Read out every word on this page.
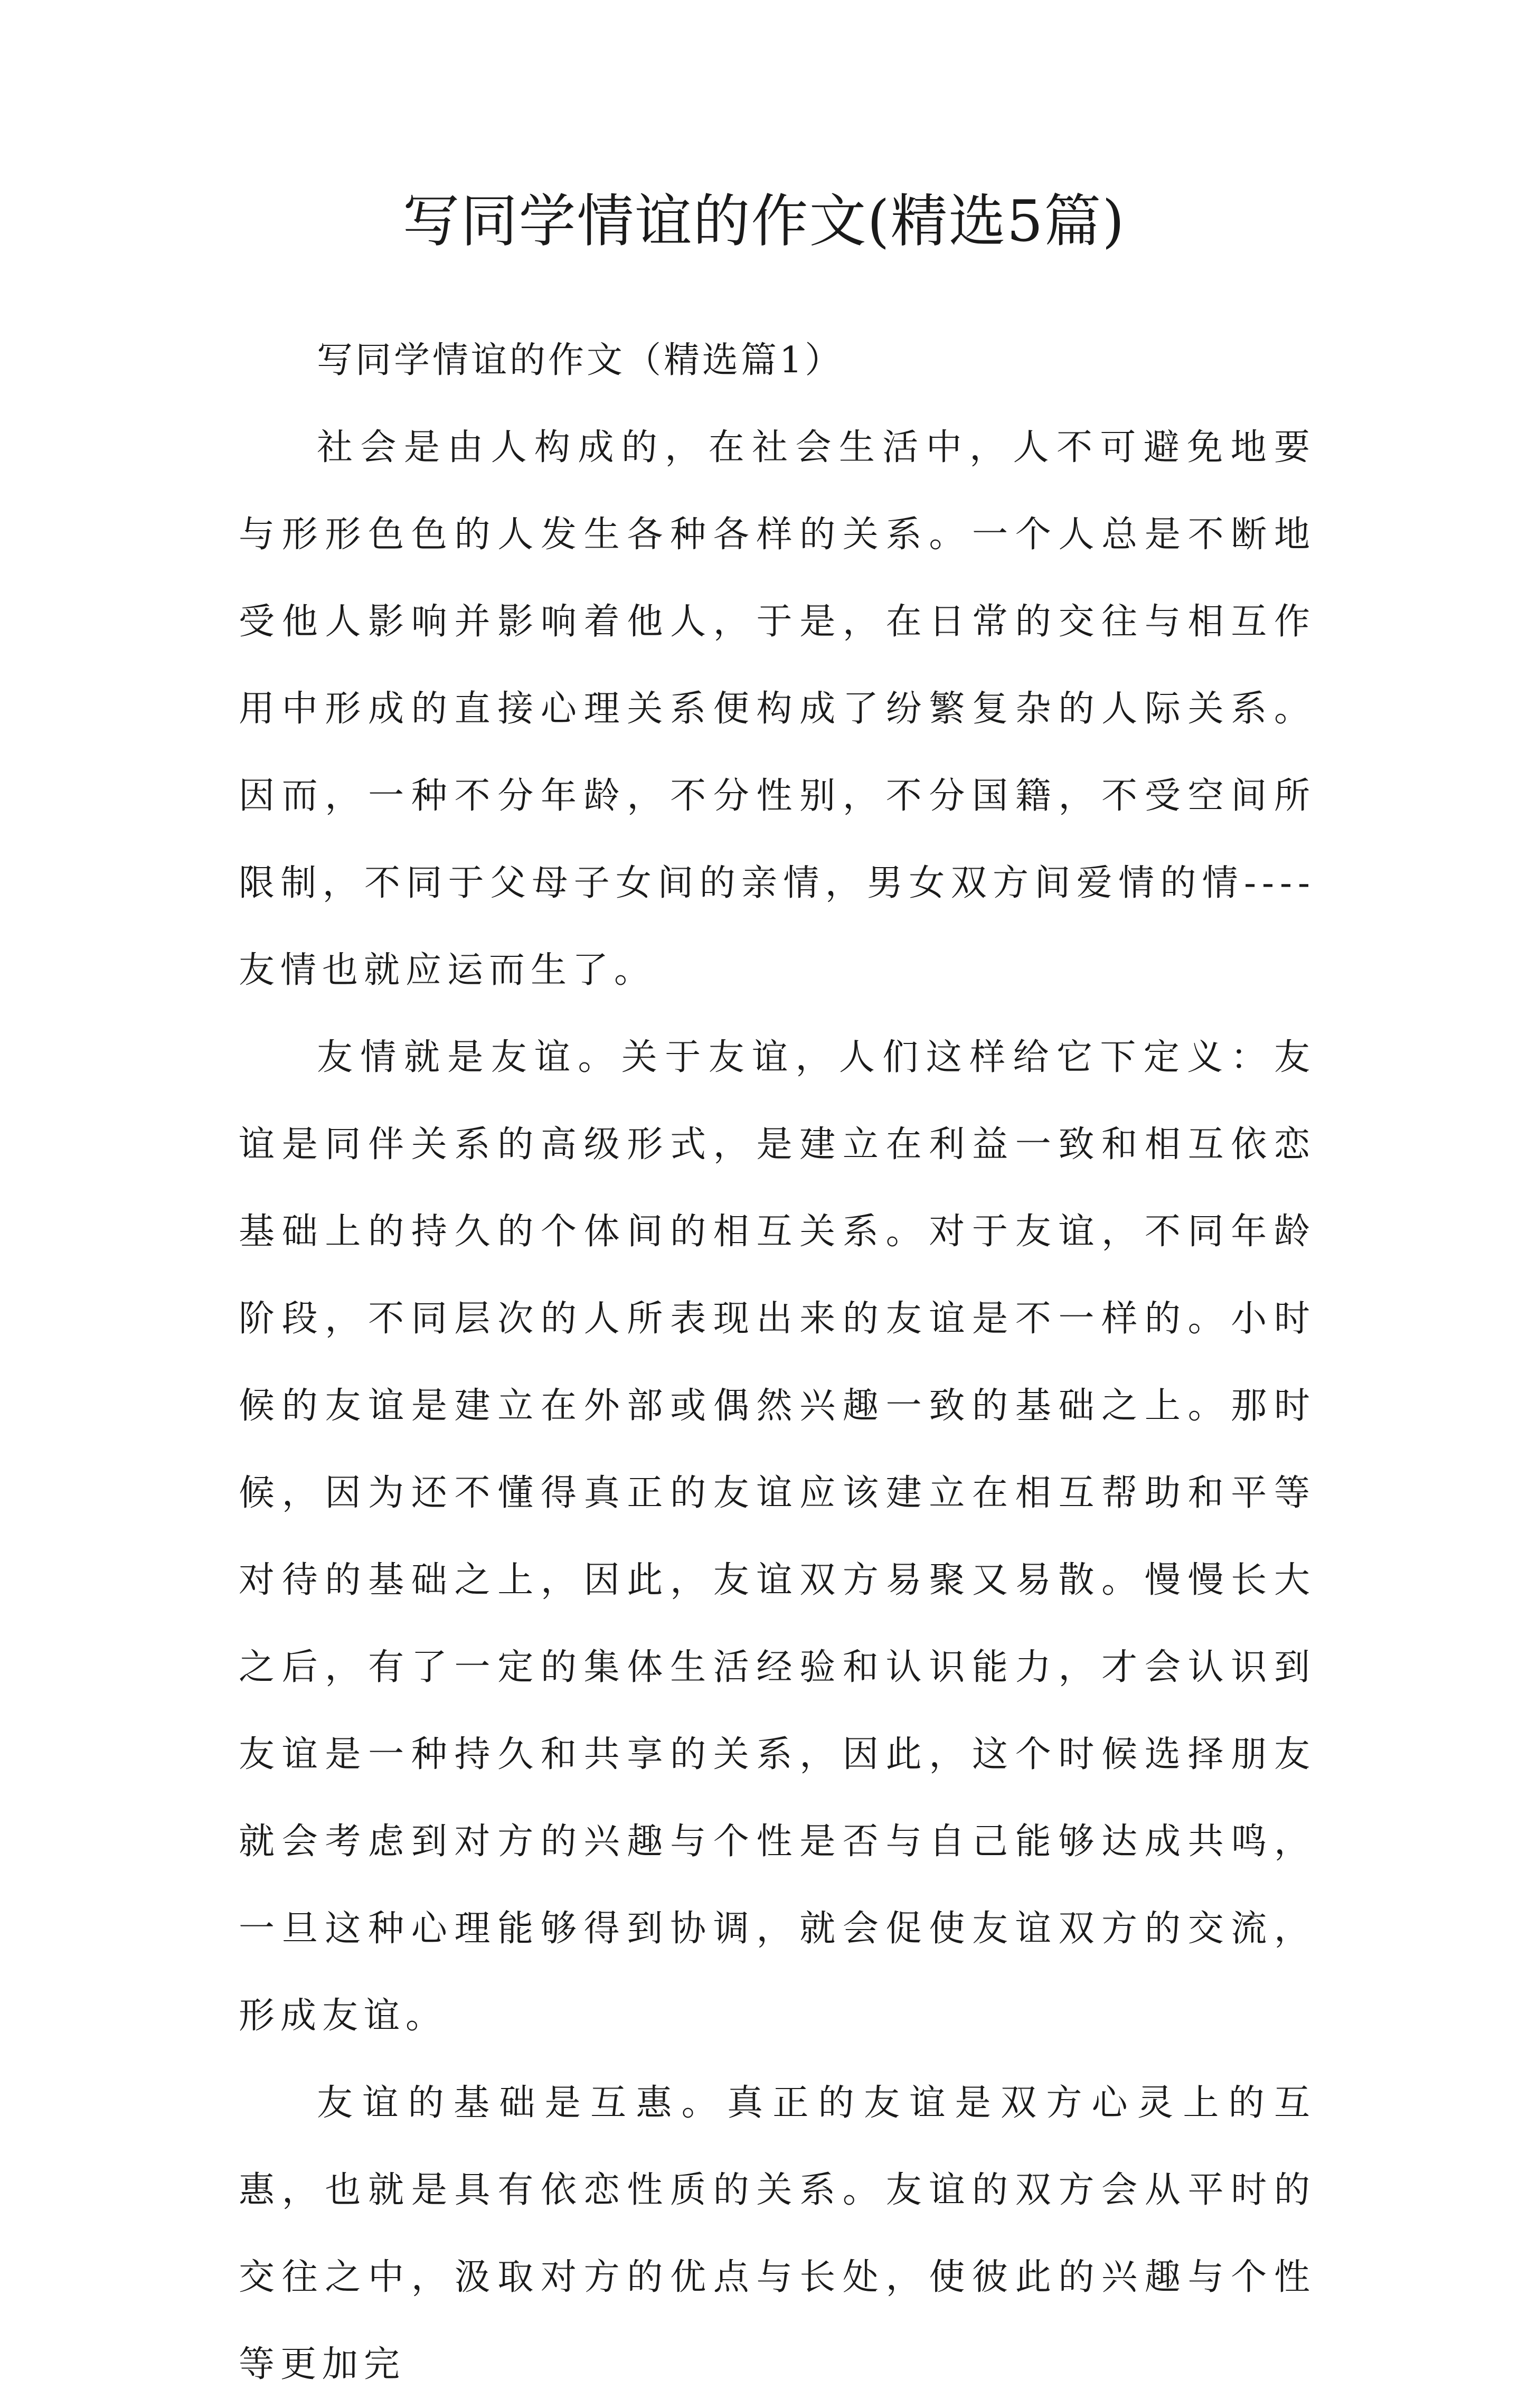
写同学情谊的作文(精选5篇)

写同学情谊的作文（精选篇1）

社会是由人构成的，在社会生活中，人不可避免地要与形形色色的人发生各种各样的关系。一个人总是不断地受他人影响并影响着他人，于是，在日常的交往与相互作用中形成的直接心理关系便构成了纷繁复杂的人际关系。因而，一种不分年龄，不分性别，不分国籍，不受空间所限制，不同于父母子女间的亲情，男女双方间爱情的情----友情也就应运而生了。

友情就是友谊。关于友谊，人们这样给它下定义：友谊是同伴关系的高级形式，是建立在利益一致和相互依恋基础上的持久的个体间的相互关系。对于友谊，不同年龄阶段，不同层次的人所表现出来的友谊是不一样的。小时候的友谊是建立在外部或偶然兴趣一致的基础之上。那时候，因为还不懂得真正的友谊应该建立在相互帮助和平等对待的基础之上，因此，友谊双方易聚又易散。慢慢长大之后，有了一定的集体生活经验和认识能力，才会认识到友谊是一种持久和共享的关系，因此，这个时候选择朋友就会考虑到对方的兴趣与个性是否与自己能够达成共鸣，一旦这种心理能够得到协调，就会促使友谊双方的交流，形成友谊。

友谊的基础是互惠。真正的友谊是双方心灵上的互惠，也就是具有依恋性质的关系。友谊的双方会从平时的交往之中，汲取对方的优点与长处，使彼此的兴趣与个性等更加完
